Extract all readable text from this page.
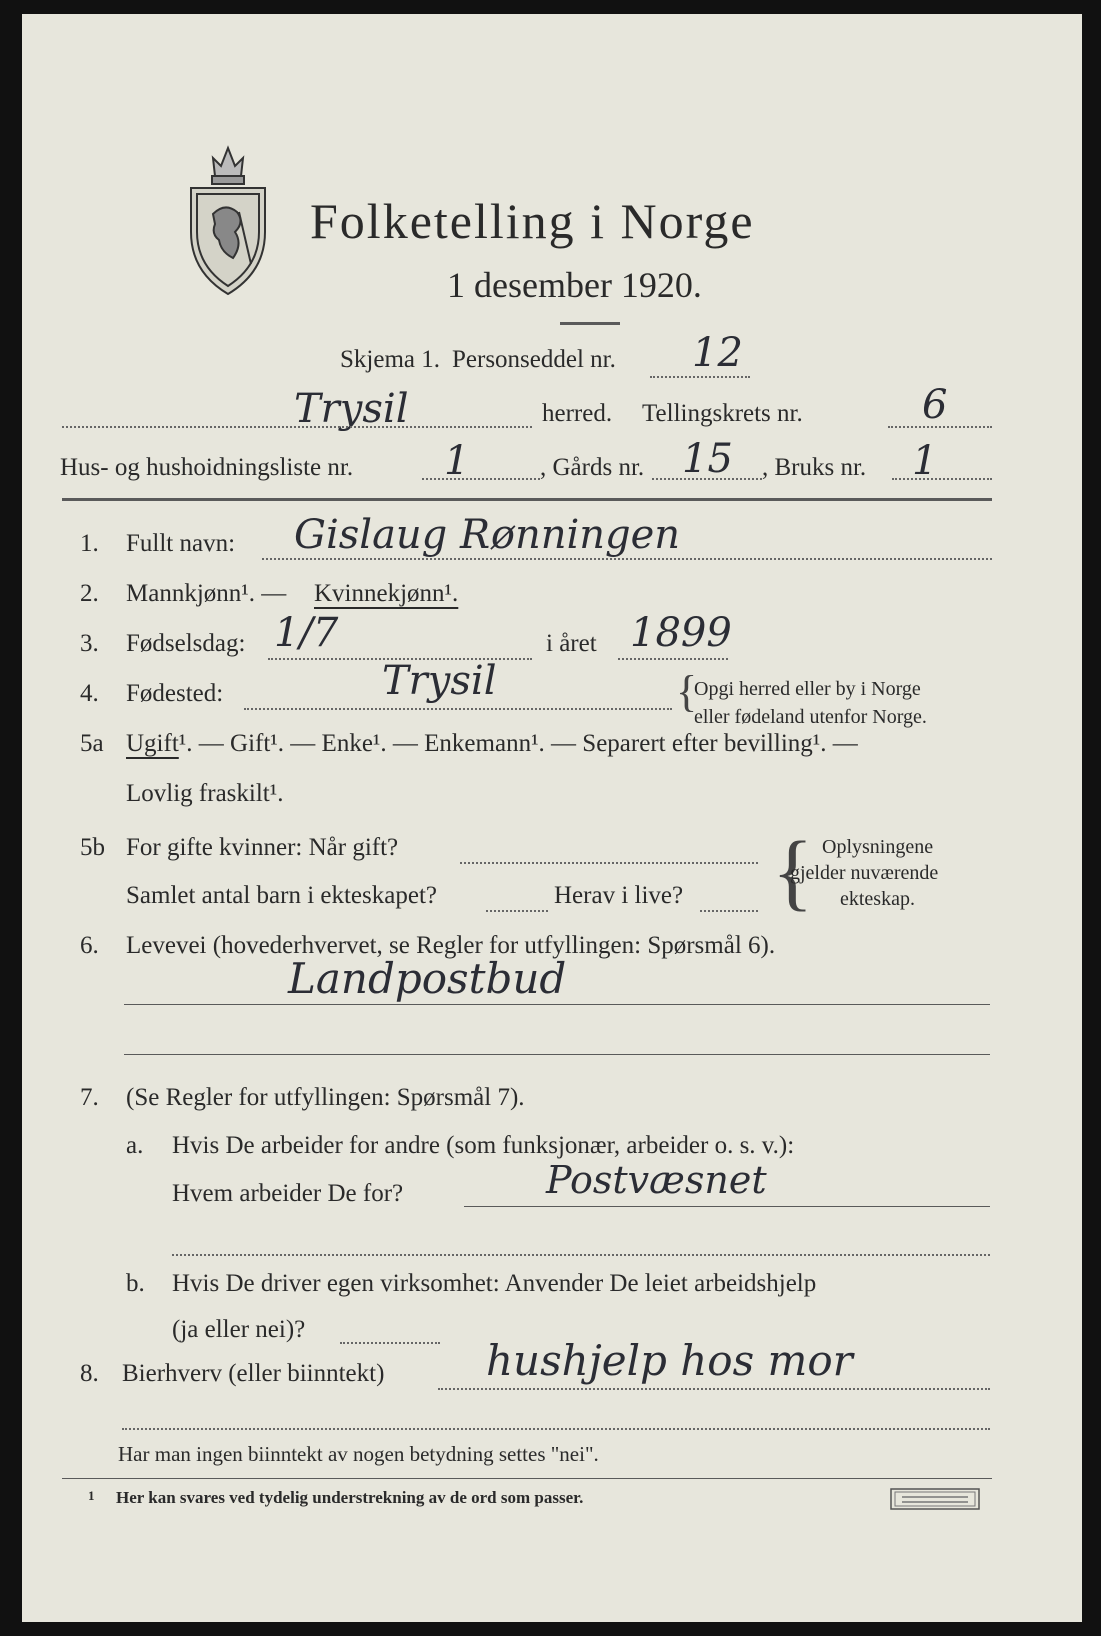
Folketelling i Norge
1 desember 1920.
Skjema 1. Personseddel nr. 12
Trysil	herred. Tellingskrets nr.	6
Hus- og hushoidningsliste nr. 1	, Gårds nr. 15 , Bruks nr. 1
1. Fullt navn: Gislaug Rønningen
2. Mannkjønn¹. — Kvinnekjønn¹.
3. Fødselsdag: 1/7	i året 1899
4. Fødested:	Trysil	{
Opgi herred eller by i Norge
eller fødeland utenfor Norge.
5a Ugift¹. — Gift¹. — Enke¹. — Enkemann¹. — Separert efter bevilling¹. —
Lovlig fraskilt¹.
5b For gifte kvinner: Når gift?
Samlet antal barn i ekteskapet?	Herav i live? { Oplysningene
gjelder nuværende
ekteskap.
6. Levevei (hovederhvervet, se Regler for utfyllingen: Spørsmål 6).
Landpostbud
7. (Se Regler for utfyllingen: Spørsmål 7).
a. Hvis De arbeider for andre (som funksjonær, arbeider o. s. v.):
Hvem arbeider De for?	Postvæsnet
b. Hvis De driver egen virksomhet: Anvender De leiet arbeidshjelp
(ja eller nei)?
8. Bierhverv (eller biinntekt) hushjelp hos mor
Har man ingen biinntekt av nogen betydning settes "nei".
1 Her kan svares ved tydelig understrekning av de ord som passer.
